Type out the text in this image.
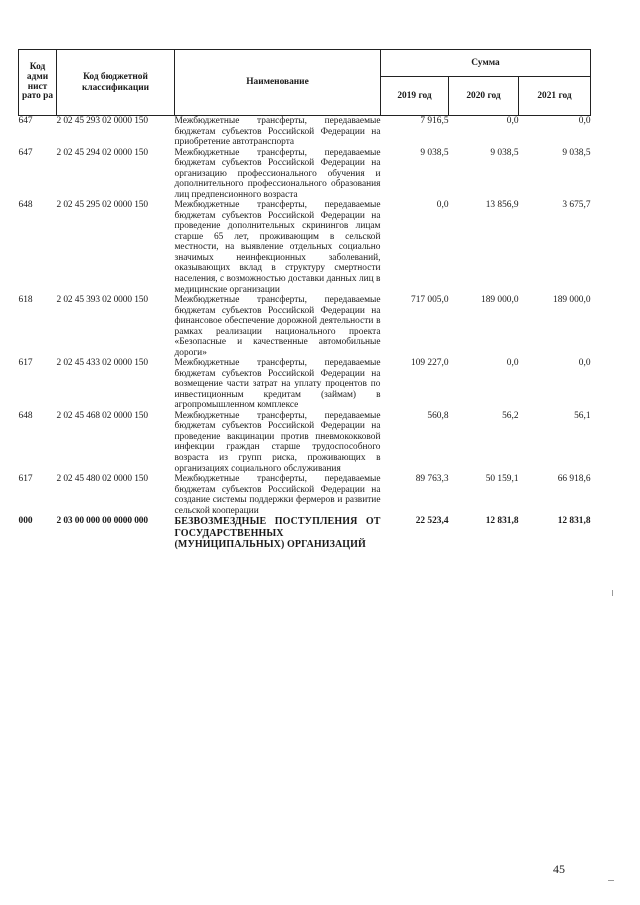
Код адми нист рато ра	Код бюджетной классификации	Наименование	Сумма		
			2019 год	2020 год	2021 год
647	2 02 45 293 02 0000 150	Межбюджетные трансферты, передаваемые бюджетам субъектов Российской Федерации на приобретение автотранспорта	7 916,5	0,0	0,0
647	2 02 45 294 02 0000 150	Межбюджетные трансферты, передаваемые бюджетам субъектов Российской Федерации на организацию профессионального обучения и дополнительного профессионального образования лиц предпенсионного возраста	9 038,5	9 038,5	9 038,5
648	2 02 45 295 02 0000 150	Межбюджетные трансферты, передаваемые бюджетам субъектов Российской Федерации на проведение дополнительных скринингов лицам старше 65 лет, проживающим в сельской местности, на выявление отдельных социально значимых неинфекционных заболеваний, оказывающих вклад в структуру смертности населения, с возможностью доставки данных лиц в медицинские организации	0,0	13 856,9	3 675,7
618	2 02 45 393 02 0000 150	Межбюджетные трансферты, передаваемые бюджетам субъектов Российской Федерации на финансовое обеспечение дорожной деятельности в рамках реализации национального проекта «Безопасные и качественные автомобильные дороги»	717 005,0	189 000,0	189 000,0
617	2 02 45 433 02 0000 150	Межбюджетные трансферты, передаваемые бюджетам субъектов Российской Федерации на возмещение части затрат на уплату процентов по инвестиционным кредитам (займам) в агропромышленном комплексе	109 227,0	0,0	0,0
648	2 02 45 468 02 0000 150	Межбюджетные трансферты, передаваемые бюджетам субъектов Российской Федерации на проведение вакцинации против пневмококковой инфекции граждан старше трудоспособного возраста из групп риска, проживающих в организациях социального обслуживания	560,8	56,2	56,1
617	2 02 45 480 02 0000 150	Межбюджетные трансферты, передаваемые бюджетам субъектов Российской Федерации на создание системы поддержки фермеров и развитие сельской кооперации	89 763,3	50 159,1	66 918,6
000	2 03 00 000 00 0000 000	БЕЗВОЗМЕЗДНЫЕ ПОСТУПЛЕНИЯ ОТ ГОСУДАРСТВЕННЫХ (МУНИЦИПАЛЬНЫХ) ОРГАНИЗАЦИЙ	22 523,4	12 831,8	12 831,8
45
